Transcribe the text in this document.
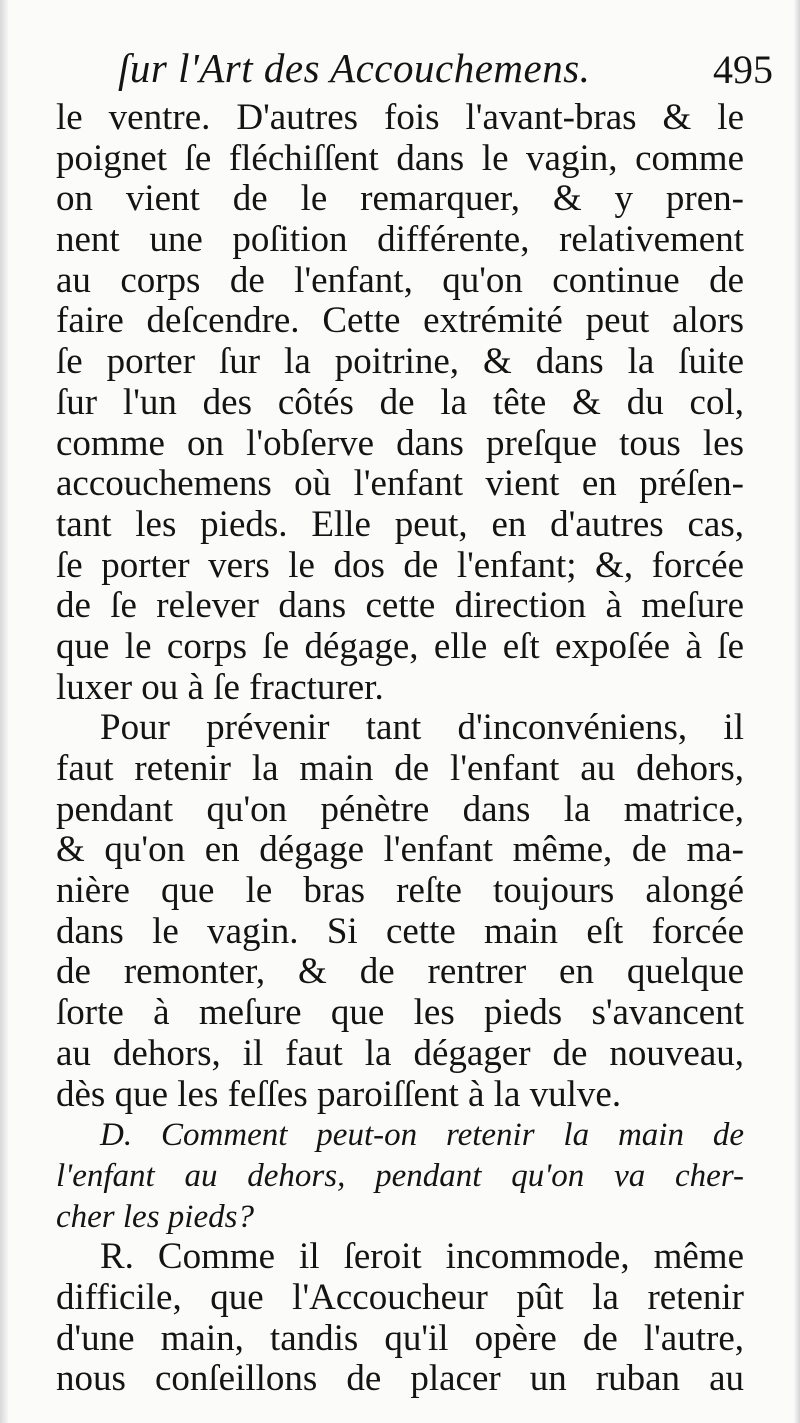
ſur l'Art des Accouchemens.	495
le ventre. D'autres fois l'avant-bras & le
poignet ſe fléchiſſent dans le vagin, comme
on vient de le remarquer, & y pren-
nent une poſition différente, relativement
au corps de l'enfant, qu'on continue de
faire deſcendre. Cette extrémité peut alors
ſe porter ſur la poitrine, & dans la ſuite
ſur l'un des côtés de la tête & du col,
comme on l'obſerve dans preſque tous les
accouchemens où l'enfant vient en préſen-
tant les pieds. Elle peut, en d'autres cas,
ſe porter vers le dos de l'enfant; &, forcée
de ſe relever dans cette direction à meſure
que le corps ſe dégage, elle eſt expoſée à ſe
luxer ou à ſe fracturer.
Pour prévenir tant d'inconvéniens, il
faut retenir la main de l'enfant au dehors,
pendant qu'on pénètre dans la matrice,
& qu'on en dégage l'enfant même, de ma-
nière que le bras reſte toujours alongé
dans le vagin. Si cette main eſt forcée
de remonter, & de rentrer en quelque
ſorte à meſure que les pieds s'avancent
au dehors, il faut la dégager de nouveau,
dès que les feſſes paroiſſent à la vulve.
D. Comment peut-on retenir la main de
l'enfant au dehors, pendant qu'on va cher-
cher les pieds?
R. Comme il ſeroit incommode, même
difficile, que l'Accoucheur pût la retenir
d'une main, tandis qu'il opère de l'autre,
nous conſeillons de placer un ruban au
